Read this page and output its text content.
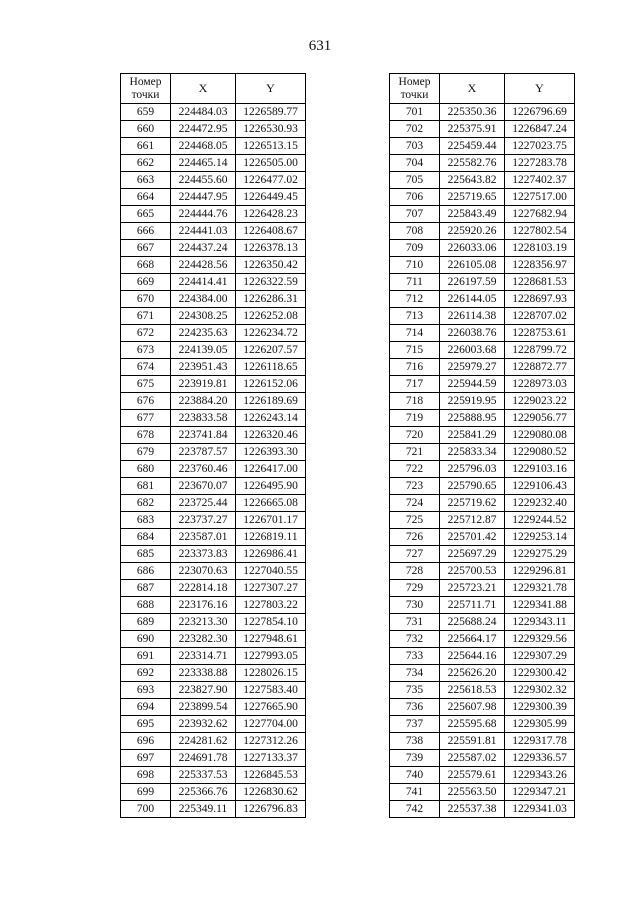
631
Номер
точки	X	Y
659	224484.03	1226589.77
660	224472.95	1226530.93
661	224468.05	1226513.15
662	224465.14	1226505.00
663	224455.60	1226477.02
664	224447.95	1226449.45
665	224444.76	1226428.23
666	224441.03	1226408.67
667	224437.24	1226378.13
668	224428.56	1226350.42
669	224414.41	1226322.59
670	224384.00	1226286.31
671	224308.25	1226252.08
672	224235.63	1226234.72
673	224139.05	1226207.57
674	223951.43	1226118.65
675	223919.81	1226152.06
676	223884.20	1226189.69
677	223833.58	1226243.14
678	223741.84	1226320.46
679	223787.57	1226393.30
680	223760.46	1226417.00
681	223670.07	1226495.90
682	223725.44	1226665.08
683	223737.27	1226701.17
684	223587.01	1226819.11
685	223373.83	1226986.41
686	223070.63	1227040.55
687	222814.18	1227307.27
688	223176.16	1227803.22
689	223213.30	1227854.10
690	223282.30	1227948.61
691	223314.71	1227993.05
692	223338.88	1228026.15
693	223827.90	1227583.40
694	223899.54	1227665.90
695	223932.62	1227704.00
696	224281.62	1227312.26
697	224691.78	1227133.37
698	225337.53	1226845.53
699	225366.76	1226830.62
700	225349.11	1226796.83
Номер
точки	X	Y
701	225350.36	1226796.69
702	225375.91	1226847.24
703	225459.44	1227023.75
704	225582.76	1227283.78
705	225643.82	1227402.37
706	225719.65	1227517.00
707	225843.49	1227682.94
708	225920.26	1227802.54
709	226033.06	1228103.19
710	226105.08	1228356.97
711	226197.59	1228681.53
712	226144.05	1228697.93
713	226114.38	1228707.02
714	226038.76	1228753.61
715	226003.68	1228799.72
716	225979.27	1228872.77
717	225944.59	1228973.03
718	225919.95	1229023.22
719	225888.95	1229056.77
720	225841.29	1229080.08
721	225833.34	1229080.52
722	225796.03	1229103.16
723	225790.65	1229106.43
724	225719.62	1229232.40
725	225712.87	1229244.52
726	225701.42	1229253.14
727	225697.29	1229275.29
728	225700.53	1229296.81
729	225723.21	1229321.78
730	225711.71	1229341.88
731	225688.24	1229343.11
732	225664.17	1229329.56
733	225644.16	1229307.29
734	225626.20	1229300.42
735	225618.53	1229302.32
736	225607.98	1229300.39
737	225595.68	1229305.99
738	225591.81	1229317.78
739	225587.02	1229336.57
740	225579.61	1229343.26
741	225563.50	1229347.21
742	225537.38	1229341.03
